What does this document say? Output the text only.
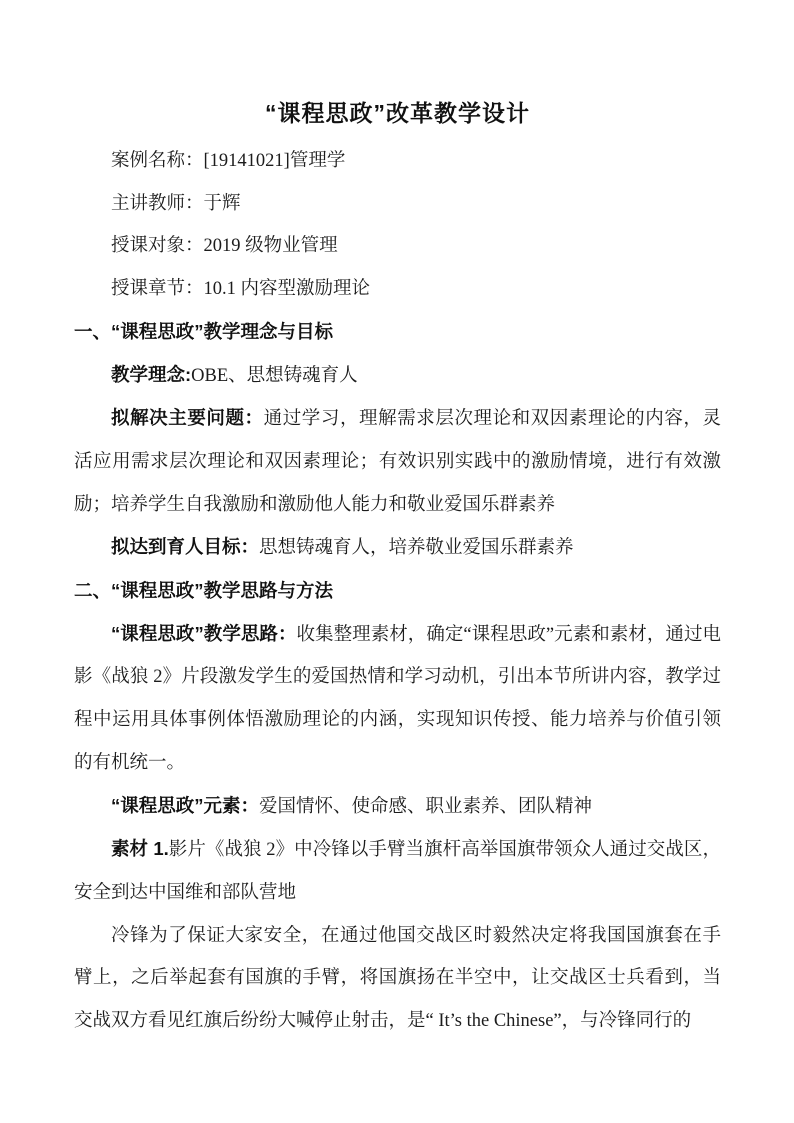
“课程思政”改革教学设计

案例名称：[19141021]管理学

主讲教师：于辉

授课对象：2019 级物业管理

授课章节：10.1 内容型激励理论

一、“课程思政”教学理念与目标

教学理念:OBE、思想铸魂育人

拟解决主要问题：通过学习，理解需求层次理论和双因素理论的内容，灵活应用需求层次理论和双因素理论；有效识别实践中的激励情境，进行有效激励；培养学生自我激励和激励他人能力和敬业爱国乐群素养

拟达到育人目标：思想铸魂育人，培养敬业爱国乐群素养

二、“课程思政”教学思路与方法

“课程思政”教学思路：收集整理素材，确定“课程思政”元素和素材，通过电影《战狼 2》片段激发学生的爱国热情和学习动机，引出本节所讲内容，教学过程中运用具体事例体悟激励理论的内涵，实现知识传授、能力培养与价值引领的有机统一。

“课程思政”元素：爱国情怀、使命感、职业素养、团队精神

素材 1.影片《战狼 2》中冷锋以手臂当旗杆高举国旗带领众人通过交战区，安全到达中国维和部队营地

冷锋为了保证大家安全，在通过他国交战区时毅然决定将我国国旗套在手臂上，之后举起套有国旗的手臂，将国旗扬在半空中，让交战区士兵看到，当交战双方看见红旗后纷纷大喊停止射击，是“ It’s the Chinese”，与冷锋同行的
